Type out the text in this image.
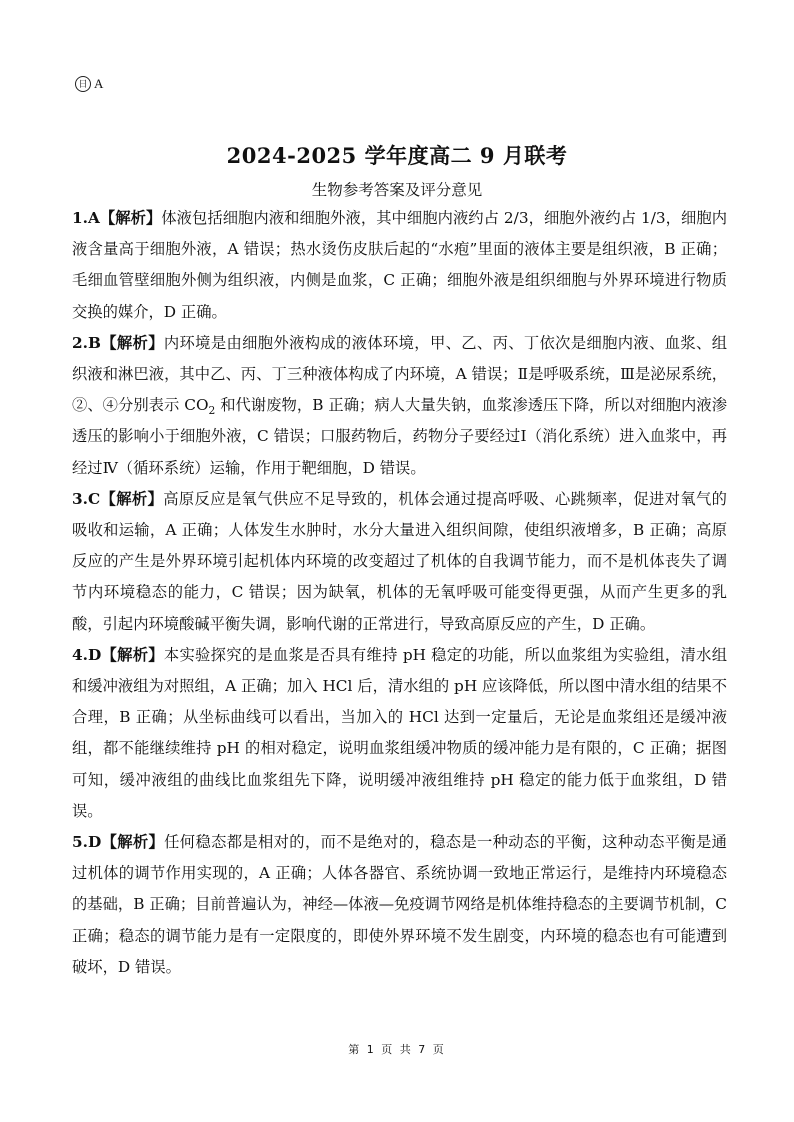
日 A
2024-2025 学年度高二 9 月联考
生物参考答案及评分意见

1.A【解析】体液包括细胞内液和细胞外液，其中细胞内液约占 2/3，细胞外液约占 1/3，细胞内液含量高于细胞外液，A 错误；热水烫伤皮肤后起的“水疱”里面的液体主要是组织液，B 正确；毛细血管壁细胞外侧为组织液，内侧是血浆，C 正确；细胞外液是组织细胞与外界环境进行物质交换的媒介，D 正确。

2.B【解析】内环境是由细胞外液构成的液体环境，甲、乙、丙、丁依次是细胞内液、血浆、组织液和淋巴液，其中乙、丙、丁三种液体构成了内环境，A 错误；Ⅱ是呼吸系统，Ⅲ是泌尿系统，②、④分别表示 $CO_2$ 和代谢废物，B 正确；病人大量失钠，血浆渗透压下降，所以对细胞内液渗透压的影响小于细胞外液，C 错误；口服药物后，药物分子要经过Ⅰ（消化系统）进入血浆中，再经过Ⅳ（循环系统）运输，作用于靶细胞，D 错误。

3.C【解析】高原反应是氧气供应不足导致的，机体会通过提高呼吸、心跳频率，促进对氧气的吸收和运输，A 正确；人体发生水肿时，水分大量进入组织间隙，使组织液增多，B 正确；高原反应的产生是外界环境引起机体内环境的改变超过了机体的自我调节能力，而不是机体丧失了调节内环境稳态的能力，C 错误；因为缺氧，机体的无氧呼吸可能变得更强，从而产生更多的乳酸，引起内环境酸碱平衡失调，影响代谢的正常进行，导致高原反应的产生，D 正确。

4.D【解析】本实验探究的是血浆是否具有维持 pH 稳定的功能，所以血浆组为实验组，清水组和缓冲液组为对照组，A 正确；加入 HCl 后，清水组的 pH 应该降低，所以图中清水组的结果不合理，B 正确；从坐标曲线可以看出，当加入的 HCl 达到一定量后，无论是血浆组还是缓冲液组，都不能继续维持 pH 的相对稳定，说明血浆组缓冲物质的缓冲能力是有限的，C 正确；据图可知，缓冲液组的曲线比血浆组先下降，说明缓冲液组维持 pH 稳定的能力低于血浆组，D 错误。

5.D【解析】任何稳态都是相对的，而不是绝对的，稳态是一种动态的平衡，这种动态平衡是通过机体的调节作用实现的，A 正确；人体各器官、系统协调一致地正常运行，是维持内环境稳态的基础，B 正确；目前普遍认为，神经—体液—免疫调节网络是机体维持稳态的主要调节机制，C 正确；稳态的调节能力是有一定限度的，即使外界环境不发生剧变，内环境的稳态也有可能遭到破坏，D 错误。

第 1 页 共 7 页
